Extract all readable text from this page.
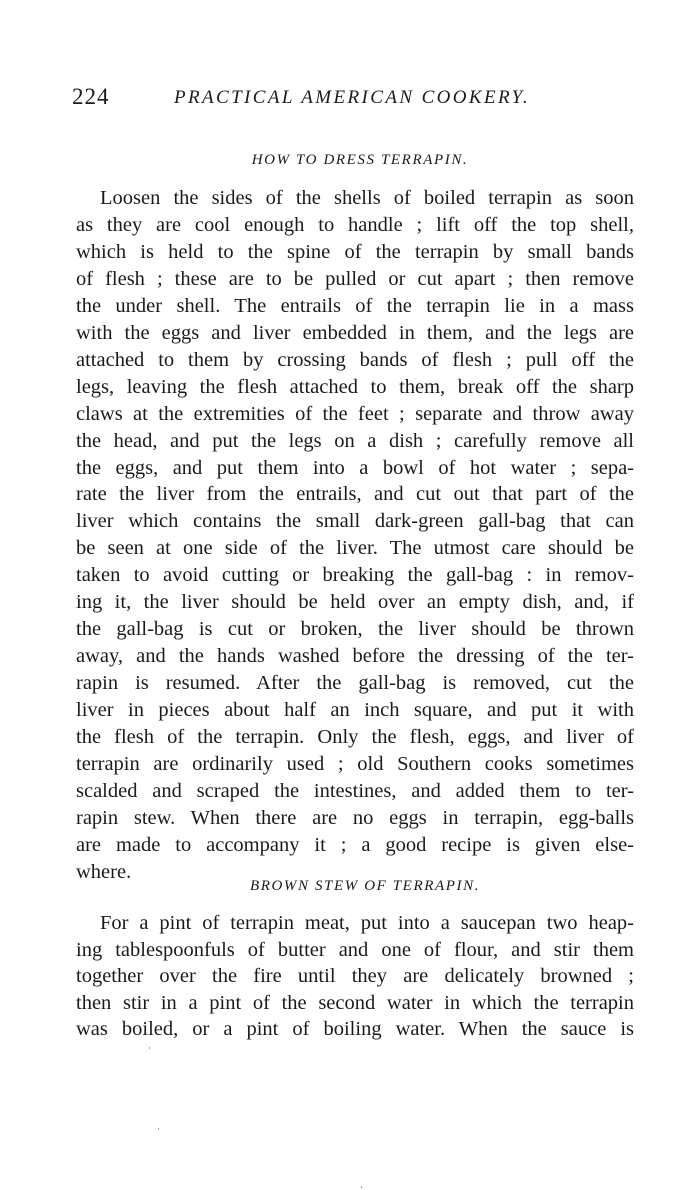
224	PRACTICAL AMERICAN COOKERY.
HOW TO DRESS TERRAPIN.
Loosen the sides of the shells of boiled terrapin as soon
as they are cool enough to handle ; lift off the top shell,
which is held to the spine of the terrapin by small bands
of flesh ; these are to be pulled or cut apart ; then remove
the under shell. The entrails of the terrapin lie in a mass
with the eggs and liver embedded in them, and the legs are
attached to them by crossing bands of flesh ; pull off the
legs, leaving the flesh attached to them, break off the sharp
claws at the extremities of the feet ; separate and throw away
the head, and put the legs on a dish ; carefully remove all
the eggs, and put them into a bowl of hot water ; sepa-
rate the liver from the entrails, and cut out that part of the
liver which contains the small dark-green gall-bag that can
be seen at one side of the liver. The utmost care should be
taken to avoid cutting or breaking the gall-bag : in remov-
ing it, the liver should be held over an empty dish, and, if
the gall-bag is cut or broken, the liver should be thrown
away, and the hands washed before the dressing of the ter-
rapin is resumed. After the gall-bag is removed, cut the
liver in pieces about half an inch square, and put it with
the flesh of the terrapin. Only the flesh, eggs, and liver of
terrapin are ordinarily used ; old Southern cooks sometimes
scalded and scraped the intestines, and added them to ter-
rapin stew. When there are no eggs in terrapin, egg-balls
are made to accompany it ; a good recipe is given else-
where.
BROWN STEW OF TERRAPIN.
For a pint of terrapin meat, put into a saucepan two heap-
ing tablespoonfuls of butter and one of flour, and stir them
together over the fire until they are delicately browned ;
then stir in a pint of the second water in which the terrapin
was boiled, or a pint of boiling water. When the sauce is
